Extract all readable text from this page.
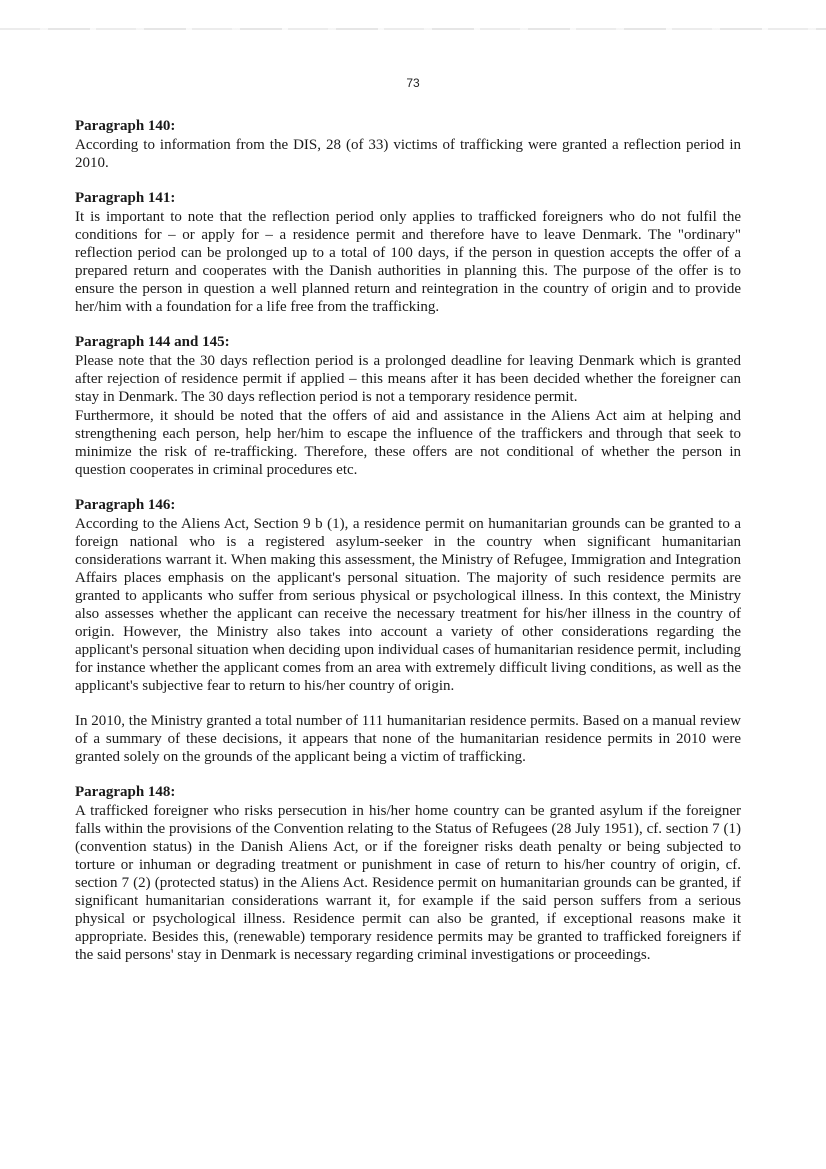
73

Paragraph 140:

According to information from the DIS, 28 (of 33) victims of trafficking were granted a reflection period in 2010.

Paragraph 141:

It is important to note that the reflection period only applies to trafficked foreigners who do not fulfil the conditions for – or apply for – a residence permit and therefore have to leave Denmark. The "ordinary" reflection period can be prolonged up to a total of 100 days, if the person in question accepts the offer of a prepared return and cooperates with the Danish authorities in planning this. The purpose of the offer is to ensure the person in question a well planned return and reintegration in the country of origin and to provide her/him with a foundation for a life free from the trafficking.

Paragraph 144 and 145:

Please note that the 30 days reflection period is a prolonged deadline for leaving Denmark which is granted after rejection of residence permit if applied – this means after it has been decided whether the foreigner can stay in Denmark. The 30 days reflection period is not a temporary residence permit.

Furthermore, it should be noted that the offers of aid and assistance in the Aliens Act aim at helping and strengthening each person, help her/him to escape the influence of the traffickers and through that seek to minimize the risk of re-trafficking. Therefore, these offers are not conditional of whether the person in question cooperates in criminal procedures etc.

Paragraph 146:

According to the Aliens Act, Section 9 b (1), a residence permit on humanitarian grounds can be granted to a foreign national who is a registered asylum-seeker in the country when significant humanitarian considerations warrant it. When making this assessment, the Ministry of Refugee, Immigration and Integration Affairs places emphasis on the applicant's personal situation. The majority of such residence permits are granted to applicants who suffer from serious physical or psychological illness. In this context, the Ministry also assesses whether the applicant can receive the necessary treatment for his/her illness in the country of origin. However, the Ministry also takes into account a variety of other considerations regarding the applicant's personal situation when deciding upon individual cases of humanitarian residence permit, including for instance whether the applicant comes from an area with extremely difficult living conditions, as well as the applicant's subjective fear to return to his/her country of origin.

In 2010, the Ministry granted a total number of 111 humanitarian residence permits. Based on a manual review of a summary of these decisions, it appears that none of the humanitarian residence permits in 2010 were granted solely on the grounds of the applicant being a victim of trafficking.

Paragraph 148:

A trafficked foreigner who risks persecution in his/her home country can be granted asylum if the foreigner falls within the provisions of the Convention relating to the Status of Refugees (28 July 1951), cf. section 7 (1) (convention status) in the Danish Aliens Act, or if the foreigner risks death penalty or being subjected to torture or inhuman or degrading treatment or punishment in case of return to his/her country of origin, cf. section 7 (2) (protected status) in the Aliens Act. Residence permit on humanitarian grounds can be granted, if significant humanitarian considerations warrant it, for example if the said person suffers from a serious physical or psychological illness. Residence permit can also be granted, if exceptional reasons make it appropriate. Besides this, (renewable) temporary residence permits may be granted to trafficked foreigners if the said persons' stay in Denmark is necessary regarding criminal investigations or proceedings.
